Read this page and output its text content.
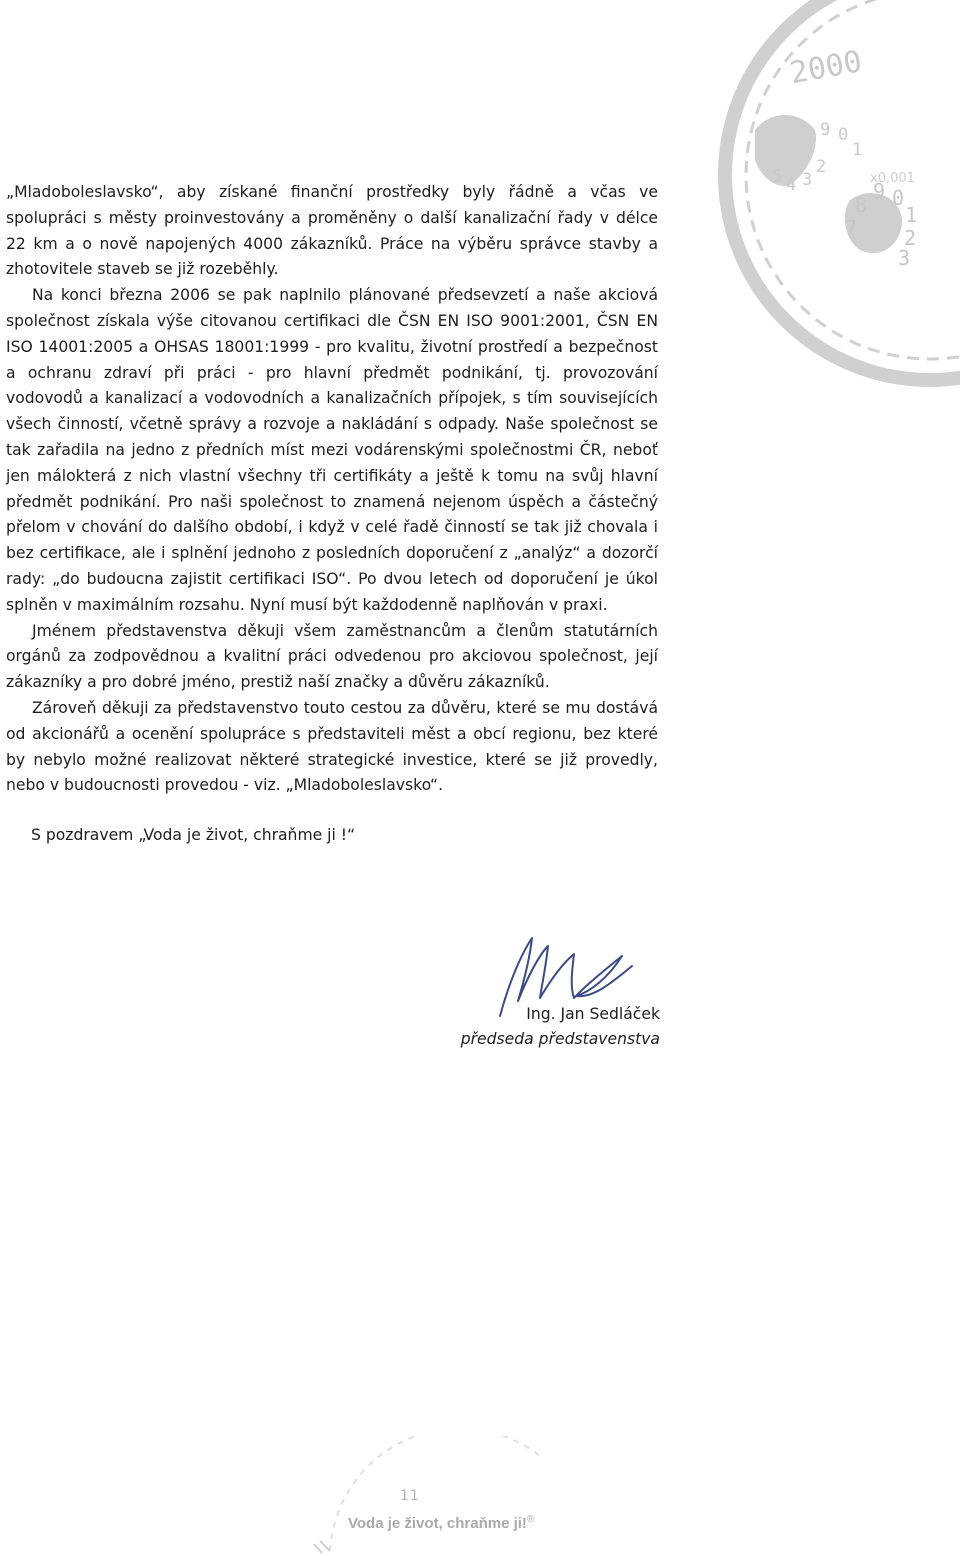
2000
9 0
1
2
3
4
5	x0,001
7
8
9 0
1
2
3

„Mladoboleslavsko“, aby získané finanční prostředky byly řádně a včas ve spolupráci s městy proinvestovány a proměněny o další kanalizační řady v délce 22 km a o nově napojených 4000 zákazníků. Práce na výběru správce stavby a zhotovitele staveb se již rozeběhly.

Na konci března 2006 se pak naplnilo plánované předsevzetí a naše akciová společnost získala výše citovanou certifikaci dle ČSN EN ISO 9001:2001, ČSN EN ISO 14001:2005 a OHSAS 18001:1999 - pro kvalitu, životní prostředí a bezpečnost a ochranu zdraví při práci - pro hlavní předmět podnikání, tj. provozování vodovodů a kanalizací a vodovodních a kanalizačních přípojek, s tím souvisejících všech činností, včetně správy a rozvoje a nakládání s odpady. Naše společnost se tak zařadila na jedno z předních míst mezi vodárenskými společnostmi ČR, neboť jen málokterá z nich vlastní všechny tři certifikáty a ještě k tomu na svůj hlavní předmět podnikání. Pro naši společnost to znamená nejenom úspěch a částečný přelom v chování do dalšího období, i když v celé řadě činností se tak již chovala i bez certifikace, ale i splnění jednoho z posledních doporučení z „analýz“ a dozorčí rady: „do budoucna zajistit certifikaci ISO“. Po dvou letech od doporučení je úkol splněn v maximálním rozsahu. Nyní musí být každodenně naplňován v praxi.

Jménem představenstva děkuji všem zaměstnancům a členům statutárních orgánů za zodpovědnou a kvalitní práci odvedenou pro akciovou společnost, její zákazníky a pro dobré jméno, prestiž naší značky a důvěru zákazníků.

Zároveň děkuji za představenstvo touto cestou za důvěru, které se mu dostává od akcionářů a ocenění spolupráce s představiteli měst a obcí regionu, bez které by nebylo možné realizovat některé strategické investice, které se již provedly, nebo v budoucnosti provedou - viz. „Mladoboleslavsko“.

S pozdravem „Voda je život, chraňme ji !“
Ing. Jan Sedláček
předseda představenstva
11
Voda je život, chraňme ji!®
